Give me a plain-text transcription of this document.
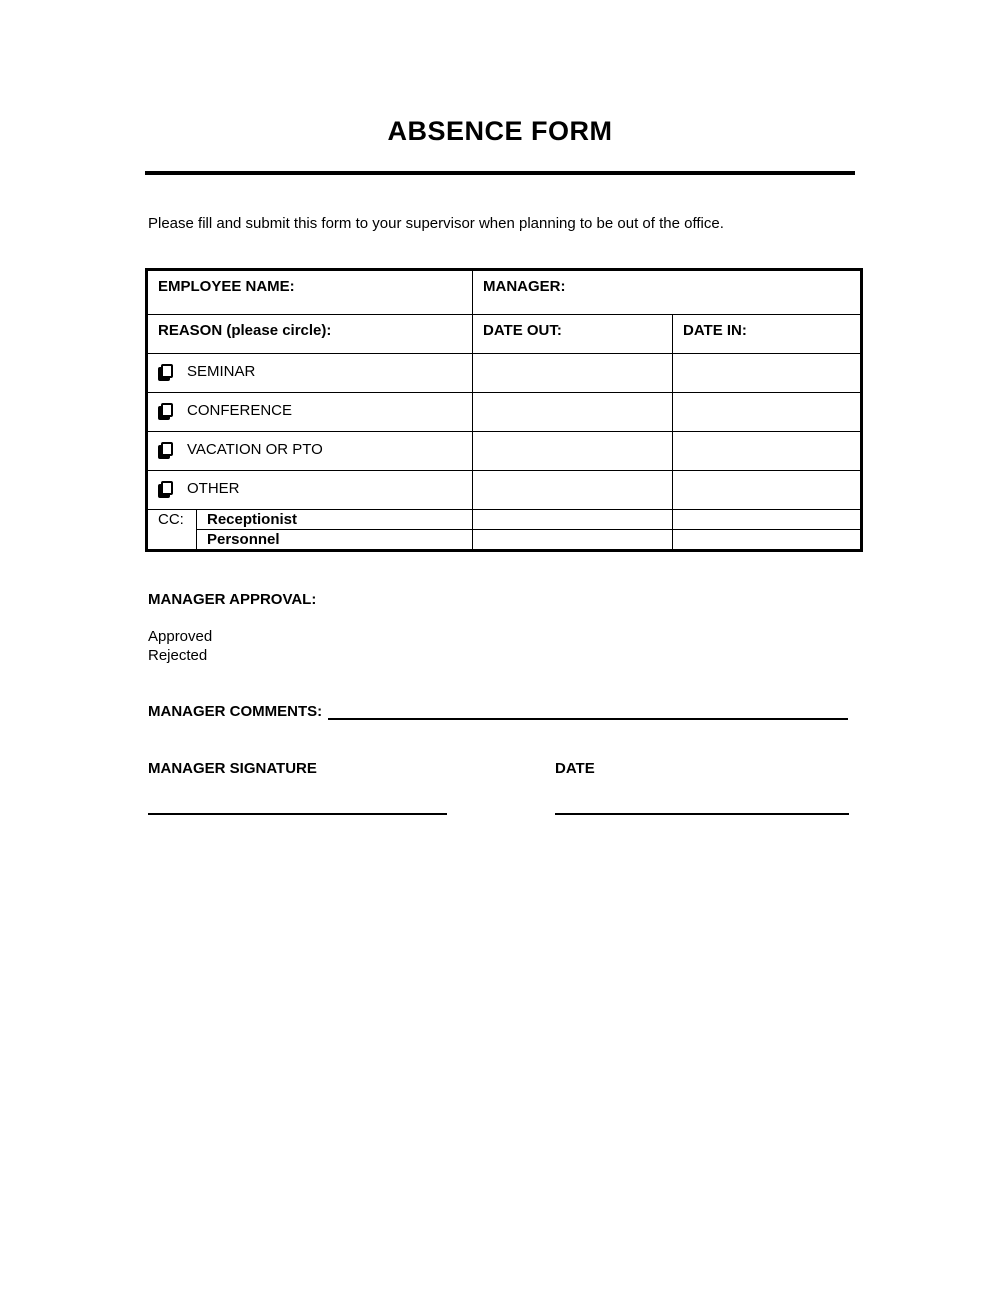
ABSENCE FORM
Please fill and submit this form to your supervisor when planning to be out of the office.
EMPLOYEE NAME:		MANAGER:	
REASON (please circle):		DATE OUT:	DATE IN:
SEMINAR			
CONFERENCE			
VACATION OR PTO			
OTHER			
CC:	Receptionist		
	Personnel		
MANAGER APPROVAL:
Approved
Rejected
MANAGER COMMENTS:
MANAGER SIGNATURE	DATE
